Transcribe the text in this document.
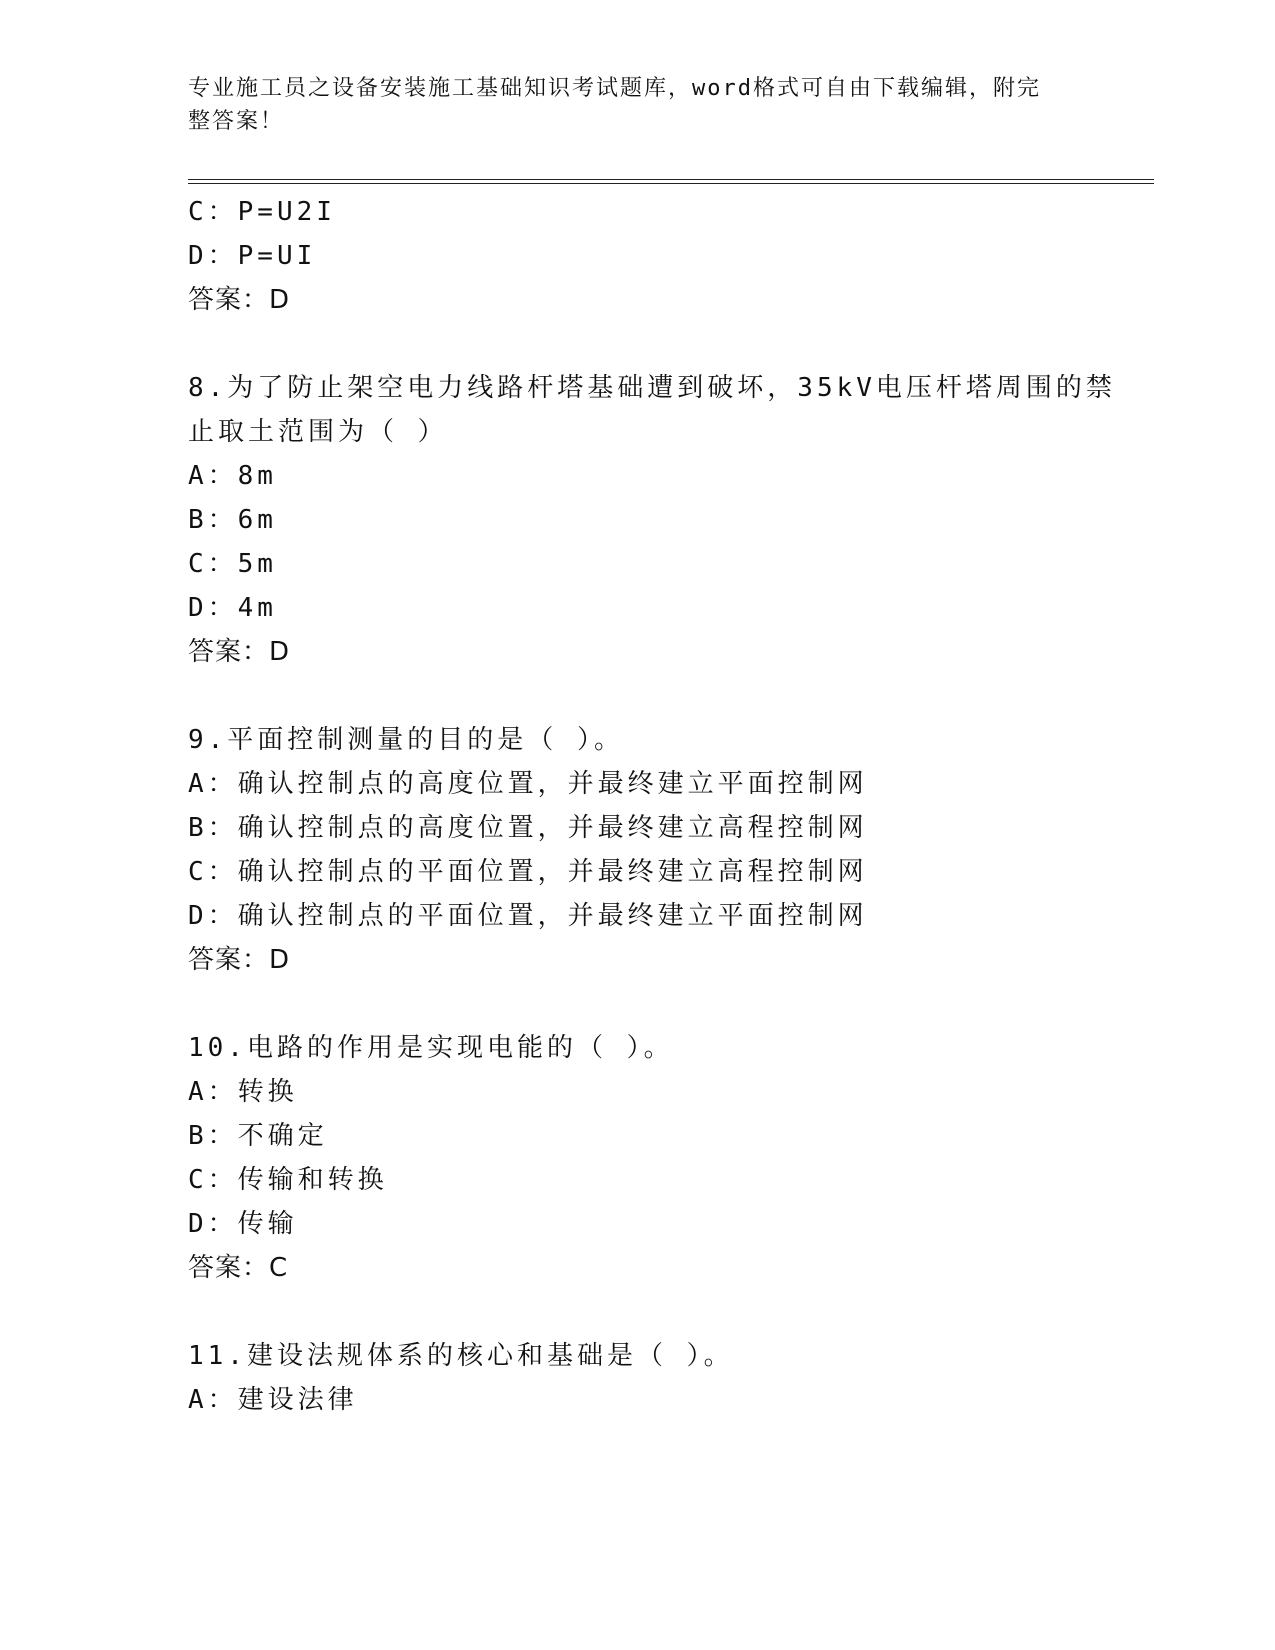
专业施工员之设备安装施工基础知识考试题库，word格式可自由下载编辑，附完
整答案！
C：P=U2I
D：P=UI
答案：D
8.为了防止架空电力线路杆塔基础遭到破坏，35kV电压杆塔周围的禁
止取土范围为（ ）
A：8m
B：6m
C：5m
D：4m
答案：D
9.平面控制测量的目的是（ ）。
A：确认控制点的高度位置，并最终建立平面控制网
B：确认控制点的高度位置，并最终建立高程控制网
C：确认控制点的平面位置，并最终建立高程控制网
D：确认控制点的平面位置，并最终建立平面控制网
答案：D
10.电路的作用是实现电能的（ ）。
A：转换
B：不确定
C：传输和转换
D：传输
答案：C
11.建设法规体系的核心和基础是（ ）。
A：建设法律
